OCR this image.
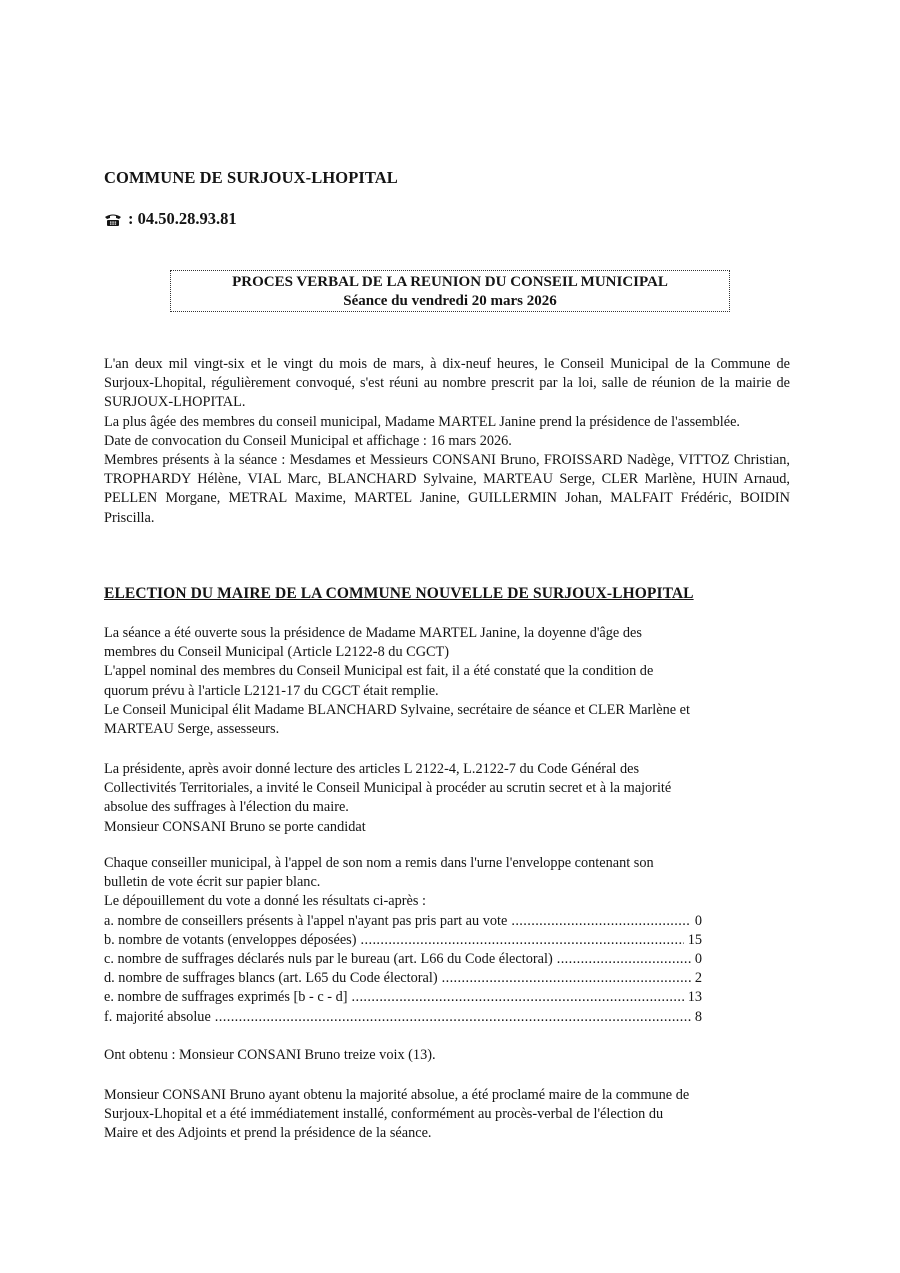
COMMUNE DE SURJOUX-LHOPITAL
: 04.50.28.93.81
PROCES VERBAL DE LA REUNION DU CONSEIL MUNICIPAL
Séance du vendredi 20 mars 2026
L'an deux mil vingt-six et le vingt du mois de mars, à dix-neuf heures, le Conseil Municipal de la Commune de Surjoux-Lhopital, régulièrement convoqué, s'est réuni au nombre prescrit par la loi, salle de réunion de la mairie de SURJOUX-LHOPITAL.
La plus âgée des membres du conseil municipal, Madame MARTEL Janine prend la présidence de l'assemblée.
Date de convocation du Conseil Municipal et affichage : 16 mars 2026.
Membres présents à la séance : Mesdames et Messieurs CONSANI Bruno, FROISSARD Nadège, VITTOZ Christian, TROPHARDY Hélène, VIAL Marc, BLANCHARD Sylvaine, MARTEAU Serge, CLER Marlène, HUIN Arnaud, PELLEN Morgane, METRAL Maxime, MARTEL Janine, GUILLERMIN Johan, MALFAIT Frédéric, BOIDIN Priscilla.
ELECTION DU MAIRE DE LA COMMUNE NOUVELLE DE SURJOUX-LHOPITAL
La séance a été ouverte sous la présidence de Madame MARTEL Janine, la doyenne d'âge des
membres du Conseil Municipal (Article L2122-8 du CGCT)
L'appel nominal des membres du Conseil Municipal est fait, il a été constaté que la condition de
quorum prévu à l'article L2121-17 du CGCT était remplie.
Le Conseil Municipal élit Madame BLANCHARD Sylvaine, secrétaire de séance et CLER Marlène et
MARTEAU Serge, assesseurs.
La présidente, après avoir donné lecture des articles L 2122-4, L.2122-7 du Code Général des
Collectivités Territoriales, a invité le Conseil Municipal à procéder au scrutin secret et à la majorité
absolue des suffrages à l'élection du maire.
Monsieur CONSANI Bruno se porte candidat
Chaque conseiller municipal, à l'appel de son nom a remis dans l'urne l'enveloppe contenant son
bulletin de vote écrit sur papier blanc.
Le dépouillement du vote a donné les résultats ci-après :
a. nombre de conseillers présents à l'appel n'ayant pas pris part au vote .....	0
b. nombre de votants (enveloppes déposées) .....	15
c. nombre de suffrages déclarés nuls par le bureau (art. L66 du Code électoral) .....	0
d. nombre de suffrages blancs (art. L65 du Code électoral) .....	2
e. nombre de suffrages exprimés [b - c - d] .....	13
f. majorité absolue .....	8
Ont obtenu : Monsieur CONSANI Bruno treize voix (13).
Monsieur CONSANI Bruno ayant obtenu la majorité absolue, a été proclamé maire de la commune de
Surjoux-Lhopital et a été immédiatement installé, conformément au procès-verbal de l'élection du
Maire et des Adjoints et prend la présidence de la séance.
